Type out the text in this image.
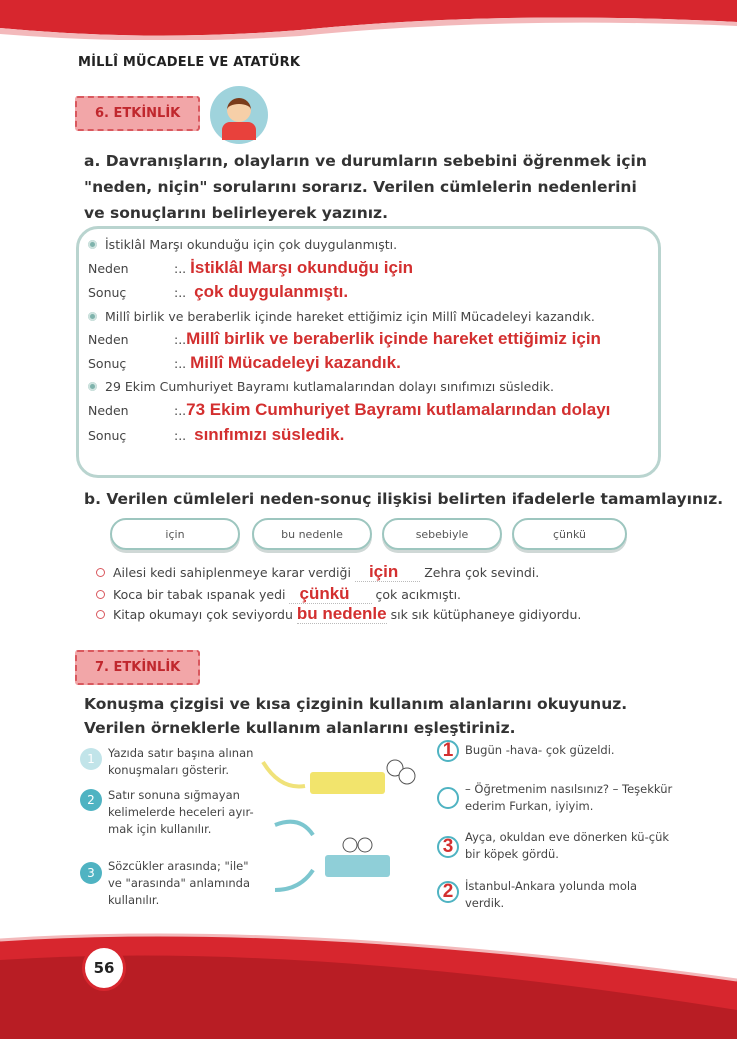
MİLLÎ MÜCADELE VE ATATÜRK
6. ETKİNLİK
a. Davranışların, olayların ve durumların sebebini öğrenmek için "neden, niçin" sorularını sorarız. Verilen cümlelerin nedenlerini ve sonuçlarını belirleyerek yazınız.
İstiklâl Marşı okunduğu için çok duygulanmıştı.
Neden	:.. İstiklâl Marşı okunduğu için
Sonuç	:..  çok duygulanmıştı.
Millî birlik ve beraberlik içinde hareket ettiğimiz için Millî Mücadeleyi kazandık.
Neden	:..Millî birlik ve beraberlik içinde hareket ettiğimiz için
Sonuç	:.. Millî Mücadeleyi kazandık.
29 Ekim Cumhuriyet Bayramı kutlamalarından dolayı sınıfımızı süsledik.
Neden	:..73 Ekim Cumhuriyet Bayramı kutlamalarından dolayı
Sonuç	:..  sınıfımızı süsledik.
b. Verilen cümleleri neden-sonuç ilişkisi belirten ifadelerle tamamlayınız.
için	bu nedenle	sebebiyle	çünkü
Ailesi kedi sahiplenmeye karar verdiği için Zehra çok sevindi.
Koca bir tabak ıspanak yedi çünkü çok acıkmıştı.
Kitap okumayı çok seviyordu bu nedenle sık sık kütüphaneye gidiyordu.
7. ETKİNLİK
Konuşma çizgisi ve kısa çizginin kullanım alanlarını okuyunuz. Verilen örneklerle kullanım alanlarını eşleştiriniz.
1	Yazıda satır başına alınan konuşmaları gösterir.
2	Satır sonuna sığmayan kelimelerde heceleri ayır-mak için kullanılır.
3	Sözcükler arasında; "ile" ve "arasında" anlamında kullanılır.
1	Bugün -hava- çok güzeldi.
– Öğretmenim nasılsınız? – Teşekkür ederim Furkan, iyiyim.
3	Ayça, okuldan eve dönerken kü-çük bir köpek gördü.
2	İstanbul-Ankara yolunda mola verdik.
56
